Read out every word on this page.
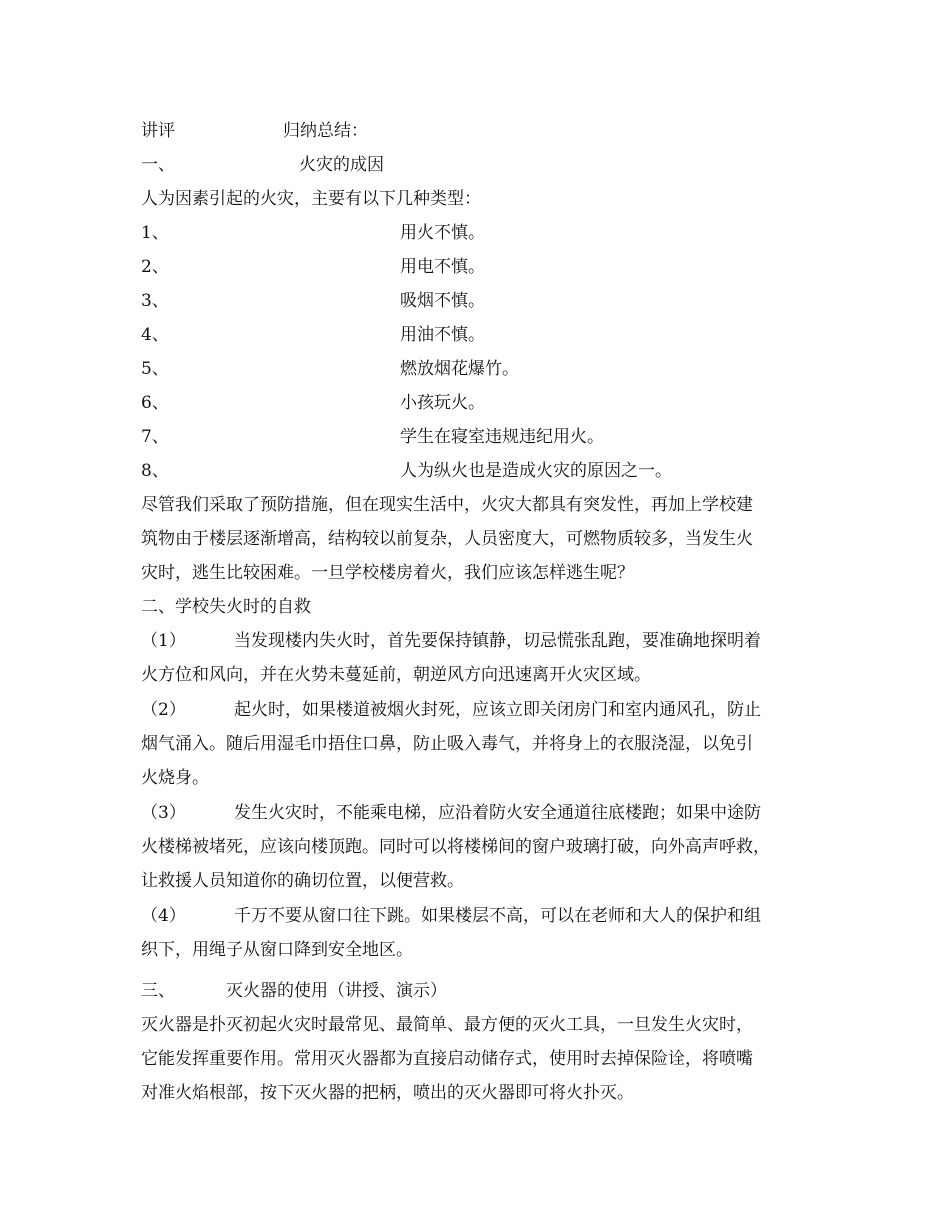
讲评	归纳总结：
一、	火灾的成因
人为因素引起的火灾，主要有以下几种类型：
1、	用火不慎。
2、	用电不慎。
3、	吸烟不慎。
4、	用油不慎。
5、	燃放烟花爆竹。
6、	小孩玩火。
7、	学生在寝室违规违纪用火。
8、	人为纵火也是造成火灾的原因之一。
尽管我们采取了预防措施，但在现实生活中，火灾大都具有突发性，再加上学校建
筑物由于楼层逐渐增高，结构较以前复杂，人员密度大，可燃物质较多，当发生火
灾时，逃生比较困难。一旦学校楼房着火，我们应该怎样逃生呢？
二、学校失火时的自救
（1）	当发现楼内失火时，首先要保持镇静，切忌慌张乱跑，要准确地探明着
火方位和风向，并在火势未蔓延前，朝逆风方向迅速离开火灾区域。
（2）	起火时，如果楼道被烟火封死，应该立即关闭房门和室内通风孔，防止
烟气涌入。随后用湿毛巾捂住口鼻，防止吸入毒气，并将身上的衣服浇湿，以免引
火烧身。
（3）	发生火灾时，不能乘电梯，应沿着防火安全通道往底楼跑；如果中途防
火楼梯被堵死，应该向楼顶跑。同时可以将楼梯间的窗户玻璃打破，向外高声呼救，
让救援人员知道你的确切位置，以便营救。
（4）	千万不要从窗口往下跳。如果楼层不高，可以在老师和大人的保护和组
织下，用绳子从窗口降到安全地区。
三、	灭火器的使用（讲授、演示）
灭火器是扑灭初起火灾时最常见、最简单、最方便的灭火工具，一旦发生火灾时，
它能发挥重要作用。常用灭火器都为直接启动储存式，使用时去掉保险诠，将喷嘴
对准火焰根部，按下灭火器的把柄，喷出的灭火器即可将火扑灭。
